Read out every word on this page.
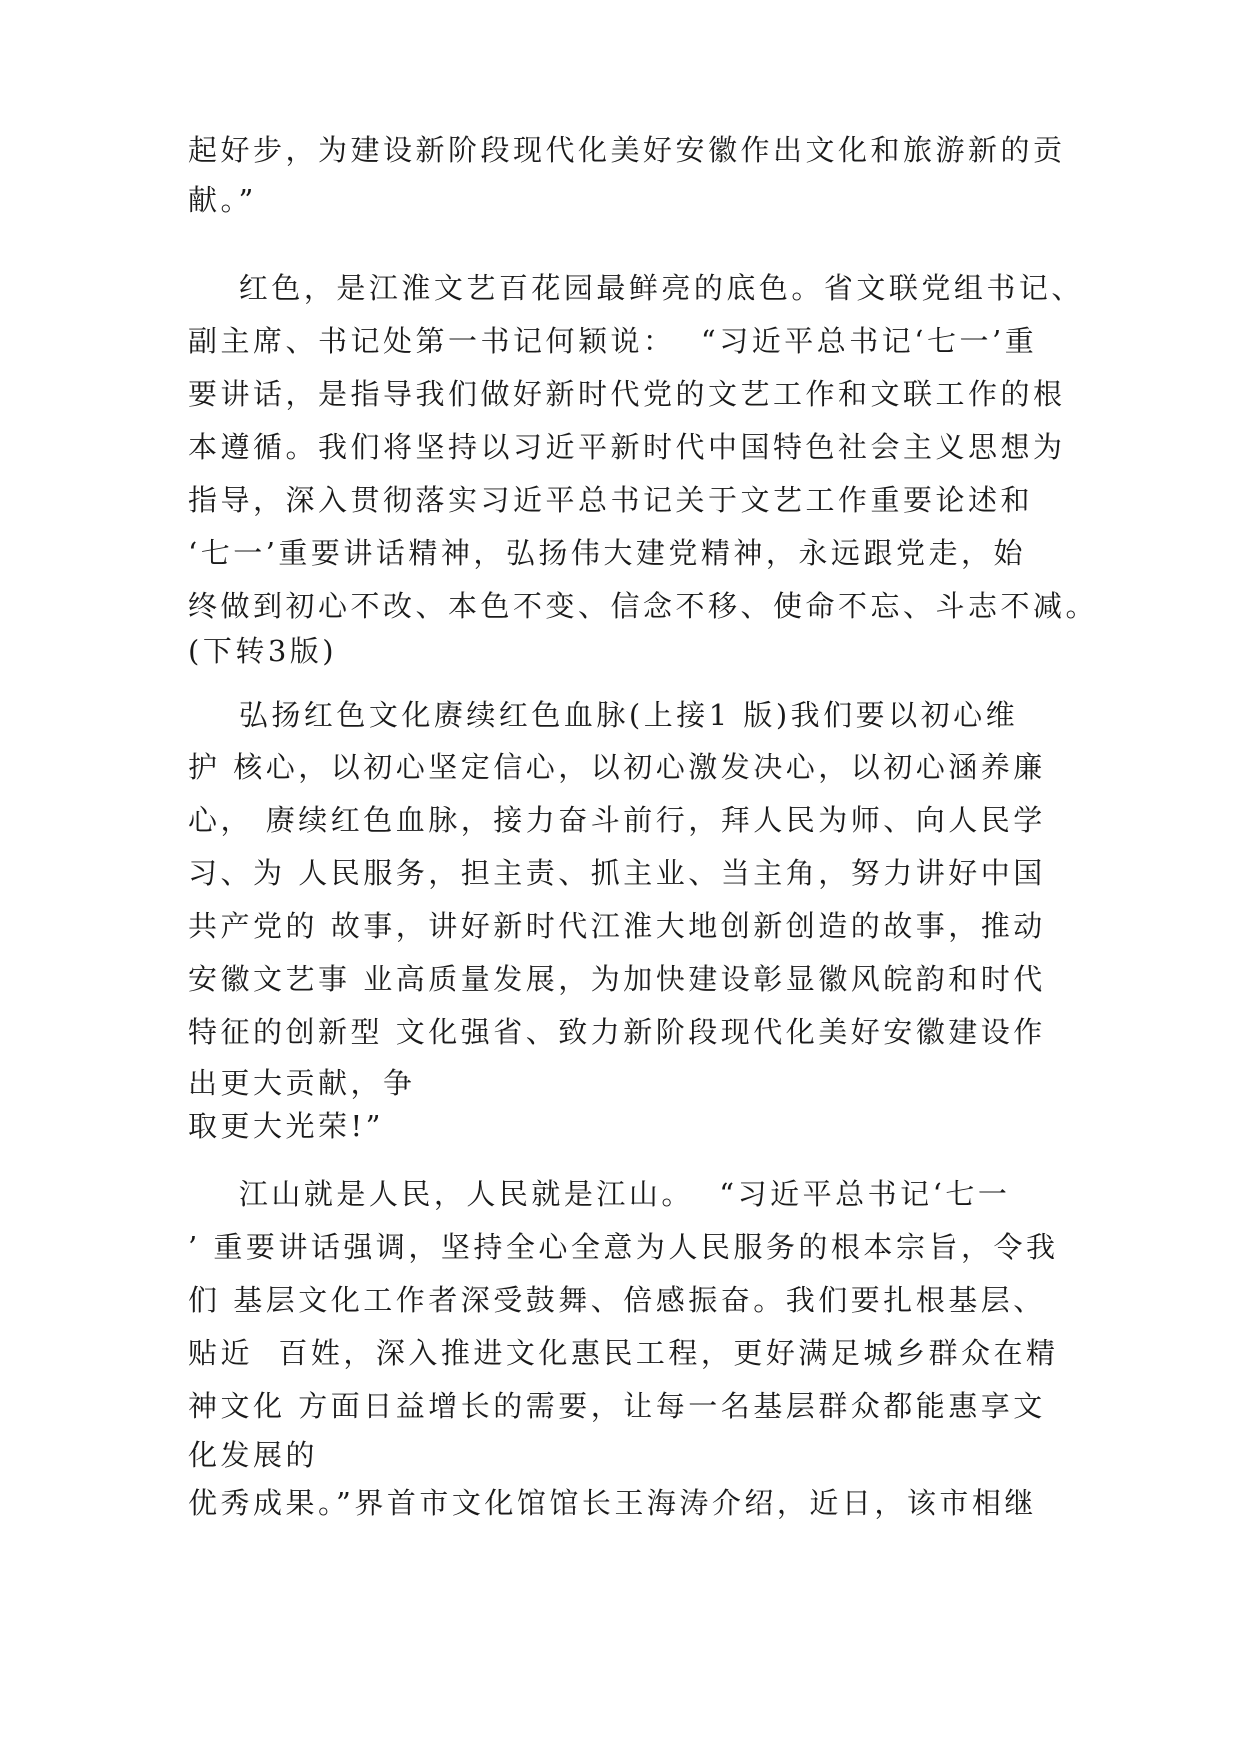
起好步，为建设新阶段现代化美好安徽作出文化和旅游新的贡
献。”
红色，是江淮文艺百花园最鲜亮的底色。省文联党组书记、
副主席、书记处第一书记何颖说：  “习近平总书记‘七一’重
要讲话，是指导我们做好新时代党的文艺工作和文联工作的根
本遵循。我们将坚持以习近平新时代中国特色社会主义思想为
指导，深入贯彻落实习近平总书记关于文艺工作重要论述和
‘七一’重要讲话精神，弘扬伟大建党精神，永远跟党走，始
终做到初心不改、本色不变、信念不移、使命不忘、斗志不减。
(下转3版)
弘扬红色文化赓续红色血脉(上接1 版)我们要以初心维
护 核心，以初心坚定信心，以初心激发决心，以初心涵养廉
心， 赓续红色血脉，接力奋斗前行，拜人民为师、向人民学
习、为 人民服务，担主责、抓主业、当主角，努力讲好中国
共产党的 故事，讲好新时代江淮大地创新创造的故事，推动
安徽文艺事 业高质量发展，为加快建设彰显徽风皖韵和时代
特征的创新型 文化强省、致力新阶段现代化美好安徽建设作
出更大贡献，争
取更大光荣!”
江山就是人民，人民就是江山。  “习近平总书记‘七一
’ 重要讲话强调，坚持全心全意为人民服务的根本宗旨，令我
们 基层文化工作者深受鼓舞、倍感振奋。我们要扎根基层、
贴近  百姓，深入推进文化惠民工程，更好满足城乡群众在精
神文化 方面日益增长的需要，让每一名基层群众都能惠享文
化发展的
优秀成果。”界首市文化馆馆长王海涛介绍，近日，该市相继
